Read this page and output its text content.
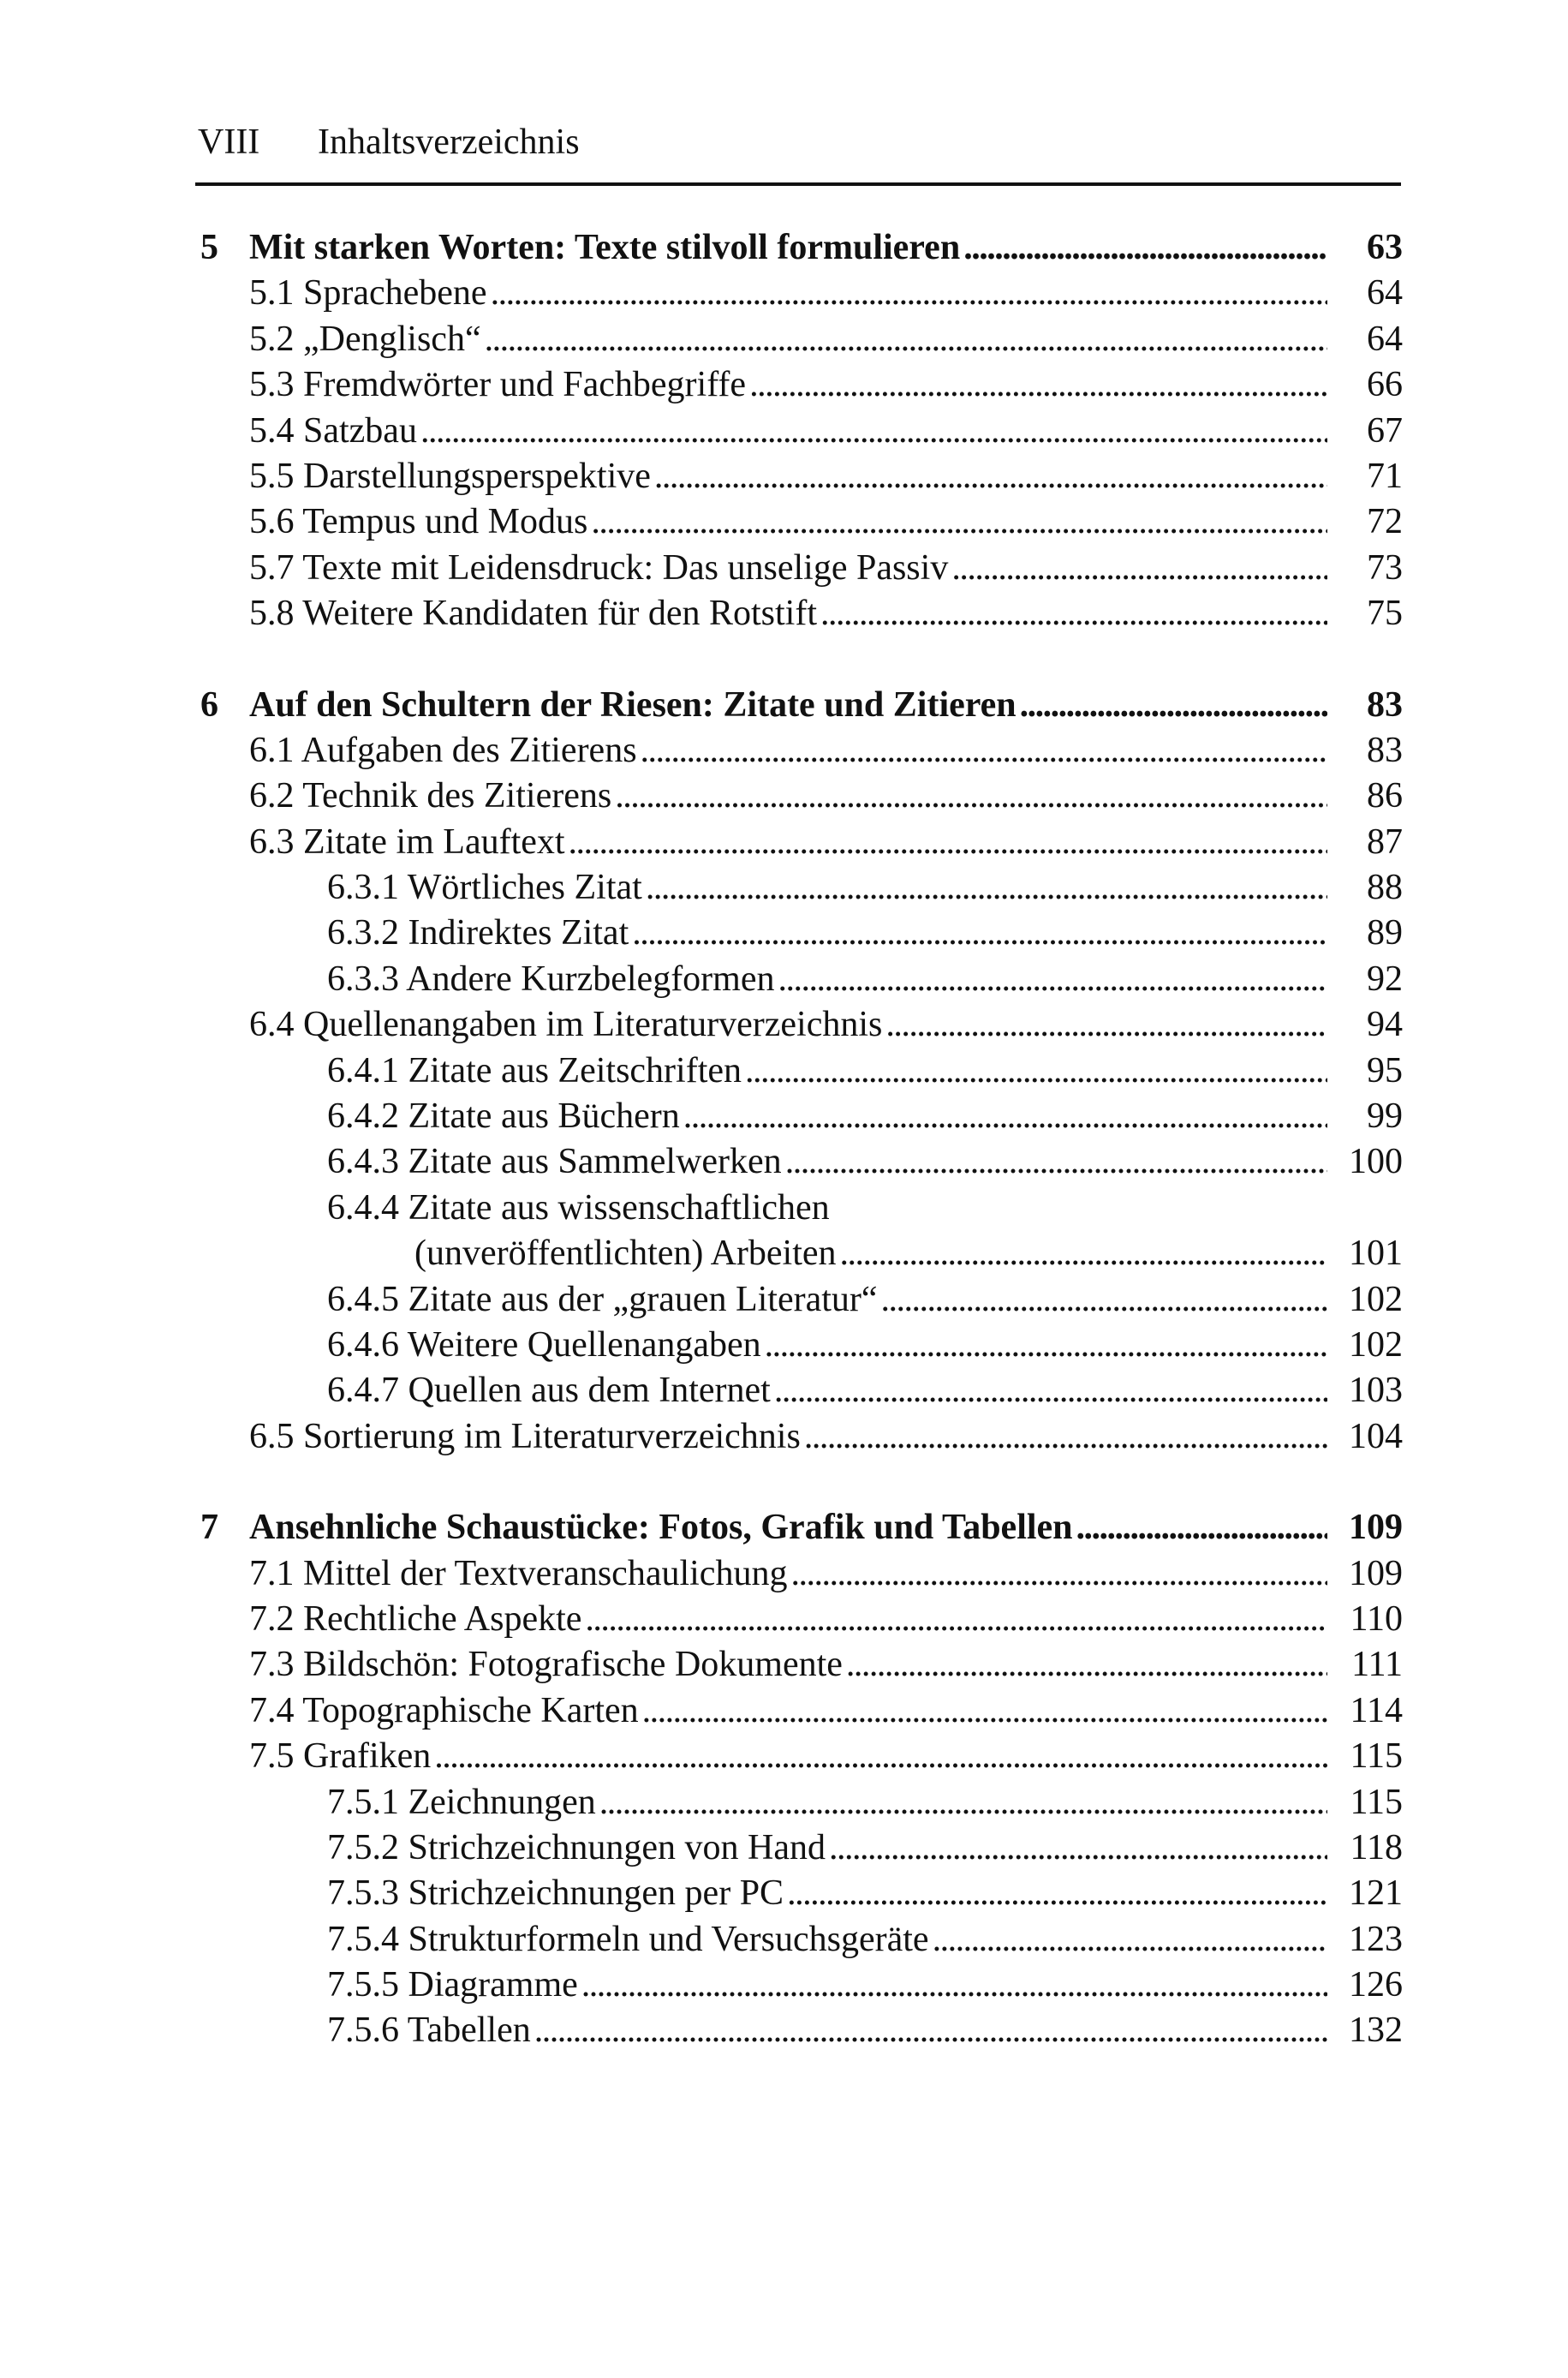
VIII Inhaltsverzeichnis
5 Mit starken Worten: Texte stilvoll formulieren . . .	63
5.1 Sprachebene . . .	64
5.2 „Denglisch“ . . .	64
5.3 Fremdwörter und Fachbegriffe . . .	66
5.4 Satzbau . . .	67
5.5 Darstellungsperspektive . . .	71
5.6 Tempus und Modus . . .	72
5.7 Texte mit Leidensdruck: Das unselige Passiv . . .	73
5.8 Weitere Kandidaten für den Rotstift . . .	75
6 Auf den Schultern der Riesen: Zitate und Zitieren . . .	83
6.1 Aufgaben des Zitierens . . .	83
6.2 Technik des Zitierens . . .	86
6.3 Zitate im Lauftext . . .	87
6.3.1 Wörtliches Zitat . . .	88
6.3.2 Indirektes Zitat . . .	89
6.3.3 Andere Kurzbelegformen . . .	92
6.4 Quellenangaben im Literaturverzeichnis . . .	94
6.4.1 Zitate aus Zeitschriften . . .	95
6.4.2 Zitate aus Büchern . . .	99
6.4.3 Zitate aus Sammelwerken . . .	100
6.4.4 Zitate aus wissenschaftlichen
(unveröffentlichten) Arbeiten . . .	101
6.4.5 Zitate aus der „grauen Literatur“ . . .	102
6.4.6 Weitere Quellenangaben . . .	102
6.4.7 Quellen aus dem Internet . . .	103
6.5 Sortierung im Literaturverzeichnis . . .	104
7 Ansehnliche Schaustücke: Fotos, Grafik und Tabellen . . .	109
7.1 Mittel der Textveranschaulichung . . .	109
7.2 Rechtliche Aspekte . . .	110
7.3 Bildschön: Fotografische Dokumente . . .	111
7.4 Topographische Karten . . .	114
7.5 Grafiken . . .	115
7.5.1 Zeichnungen . . .	115
7.5.2 Strichzeichnungen von Hand . . .	118
7.5.3 Strichzeichnungen per PC . . .	121
7.5.4 Strukturformeln und Versuchsgeräte . . .	123
7.5.5 Diagramme . . .	126
7.5.6 Tabellen . . .	132
